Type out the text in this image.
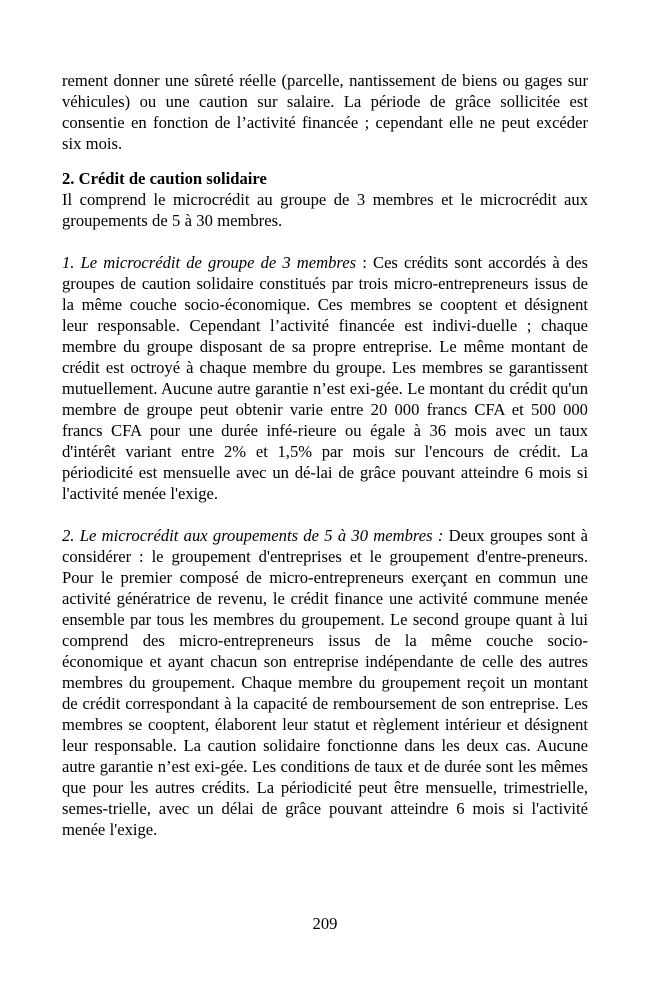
rement donner une sûreté réelle (parcelle, nantissement de biens ou gages sur véhicules) ou une caution sur salaire. La période de grâce sollicitée est consentie en fonction de l’activité financée ; cependant elle ne peut excéder six mois.

2. Crédit de caution solidaire

Il comprend le microcrédit au groupe de 3 membres et le microcrédit aux groupements de 5 à 30 membres.

1. Le microcrédit de groupe de 3 membres : Ces crédits sont accordés à des groupes de caution solidaire constitués par trois micro-entrepreneurs issus de la même couche socio-économique. Ces membres se cooptent et désignent leur responsable. Cependant l’activité financée est indivi-duelle ; chaque membre du groupe disposant de sa propre entreprise. Le même montant de crédit est octroyé à chaque membre du groupe. Les membres se garantissent mutuellement. Aucune autre garantie n’est exi-gée. Le montant du crédit qu'un membre de groupe peut obtenir varie entre 20 000 francs CFA et 500 000 francs CFA pour une durée infé-rieure ou égale à 36 mois avec un taux d'intérêt variant entre 2% et 1,5% par mois sur l'encours de crédit. La périodicité est mensuelle avec un dé-lai de grâce pouvant atteindre 6 mois si l'activité menée l'exige.

2. Le microcrédit aux groupements de 5 à 30 membres : Deux groupes sont à considérer : le groupement d'entreprises et le groupement d'entre-preneurs. Pour le premier composé de micro-entrepreneurs exerçant en commun une activité génératrice de revenu, le crédit finance une activité commune menée ensemble par tous les membres du groupement. Le second groupe quant à lui comprend des micro-entrepreneurs issus de la même couche socio-économique et ayant chacun son entreprise indépendante de celle des autres membres du groupement. Chaque membre du groupement reçoit un montant de crédit correspondant à la capacité de remboursement de son entreprise. Les membres se cooptent, élaborent leur statut et règlement intérieur et désignent leur responsable. La caution solidaire fonctionne dans les deux cas. Aucune autre garantie n’est exi-gée. Les conditions de taux et de durée sont les mêmes que pour les autres crédits. La périodicité peut être mensuelle, trimestrielle, semes-trielle, avec un délai de grâce pouvant atteindre 6 mois si l'activité menée l'exige.

209
